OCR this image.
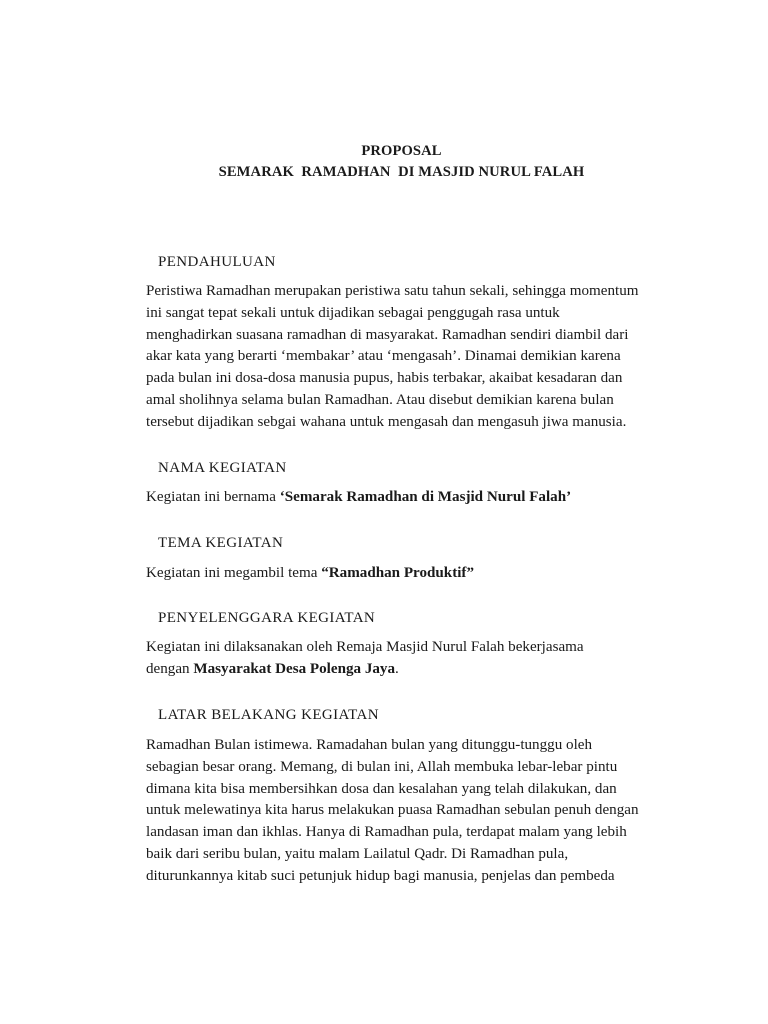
PROPOSAL
SEMARAK  RAMADHAN  DI MASJID NURUL FALAH
PENDAHULUAN
Peristiwa Ramadhan merupakan peristiwa satu tahun sekali, sehingga momentum
ini sangat tepat sekali untuk dijadikan sebagai penggugah rasa untuk
menghadirkan suasana ramadhan di masyarakat. Ramadhan sendiri diambil dari
akar kata yang berarti ‘membakar’ atau ‘mengasah’. Dinamai demikian karena
pada bulan ini dosa-dosa manusia pupus, habis terbakar, akaibat kesadaran dan
amal sholihnya selama bulan Ramadhan. Atau disebut demikian karena bulan
tersebut dijadikan sebgai wahana untuk mengasah dan mengasuh jiwa manusia.
NAMA KEGIATAN
Kegiatan ini bernama ‘Semarak Ramadhan di Masjid Nurul Falah’
TEMA KEGIATAN
Kegiatan ini megambil tema “Ramadhan Produktif”
PENYELENGGARA KEGIATAN
Kegiatan ini dilaksanakan oleh Remaja Masjid Nurul Falah bekerjasama
dengan Masyarakat Desa Polenga Jaya.
LATAR BELAKANG KEGIATAN
Ramadhan Bulan istimewa. Ramadahan bulan yang ditunggu-tunggu oleh
sebagian besar orang. Memang, di bulan ini, Allah membuka lebar-lebar pintu
dimana kita bisa membersihkan dosa dan kesalahan yang telah dilakukan, dan
untuk melewatinya kita harus melakukan puasa Ramadhan sebulan penuh dengan
landasan iman dan ikhlas. Hanya di Ramadhan pula, terdapat malam yang lebih
baik dari seribu bulan, yaitu malam Lailatul Qadr. Di Ramadhan pula,
diturunkannya kitab suci petunjuk hidup bagi manusia, penjelas dan pembeda
